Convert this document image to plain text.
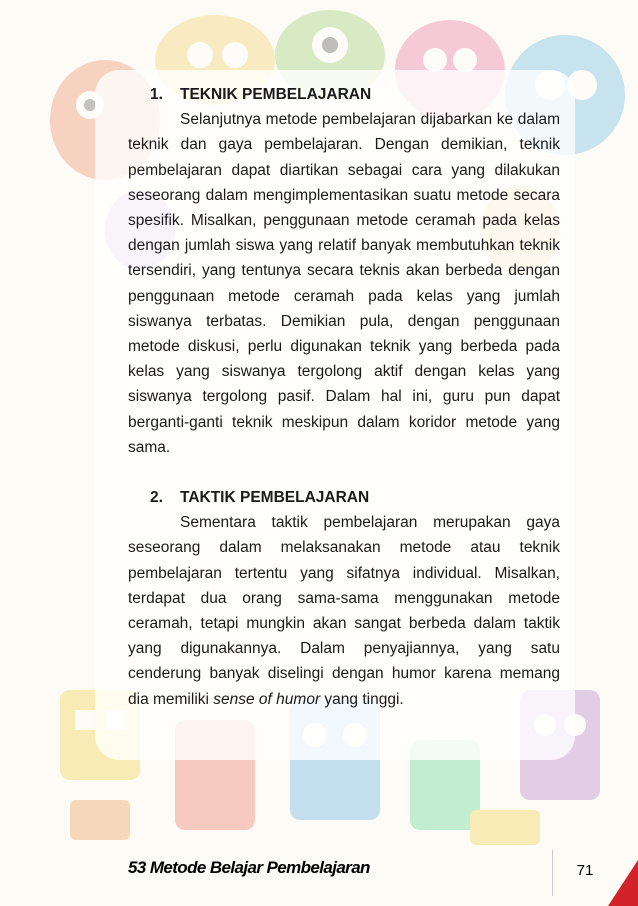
1.	TEKNIK PEMBELAJARAN

Selanjutnya metode pembelajaran dijabarkan ke dalam teknik dan gaya pembelajaran. Dengan demikian, teknik pembelajaran dapat diartikan sebagai cara yang dilakukan seseorang dalam mengimplementasikan suatu metode secara spesifik. Misalkan, penggunaan metode ceramah pada kelas dengan jumlah siswa yang relatif banyak membutuhkan teknik tersendiri, yang tentunya secara teknis akan berbeda dengan penggunaan metode ceramah pada kelas yang jumlah siswanya terbatas. Demikian pula, dengan penggunaan metode diskusi, perlu digunakan teknik yang berbeda pada kelas yang siswanya tergolong aktif dengan kelas yang siswanya tergolong pasif. Dalam hal ini, guru pun dapat berganti-ganti teknik meskipun dalam koridor metode yang sama.

2.	TAKTIK PEMBELAJARAN

Sementara taktik pembelajaran merupakan gaya seseorang dalam melaksanakan metode atau teknik pembelajaran tertentu yang sifatnya individual. Misalkan, terdapat dua orang sama-sama menggunakan metode ceramah, tetapi mungkin akan sangat berbeda dalam taktik yang digunakannya. Dalam penyajiannya, yang satu cenderung banyak diselingi dengan humor karena memang dia memiliki sense of humor yang tinggi.

53 Metode Belajar Pembelajaran	71
